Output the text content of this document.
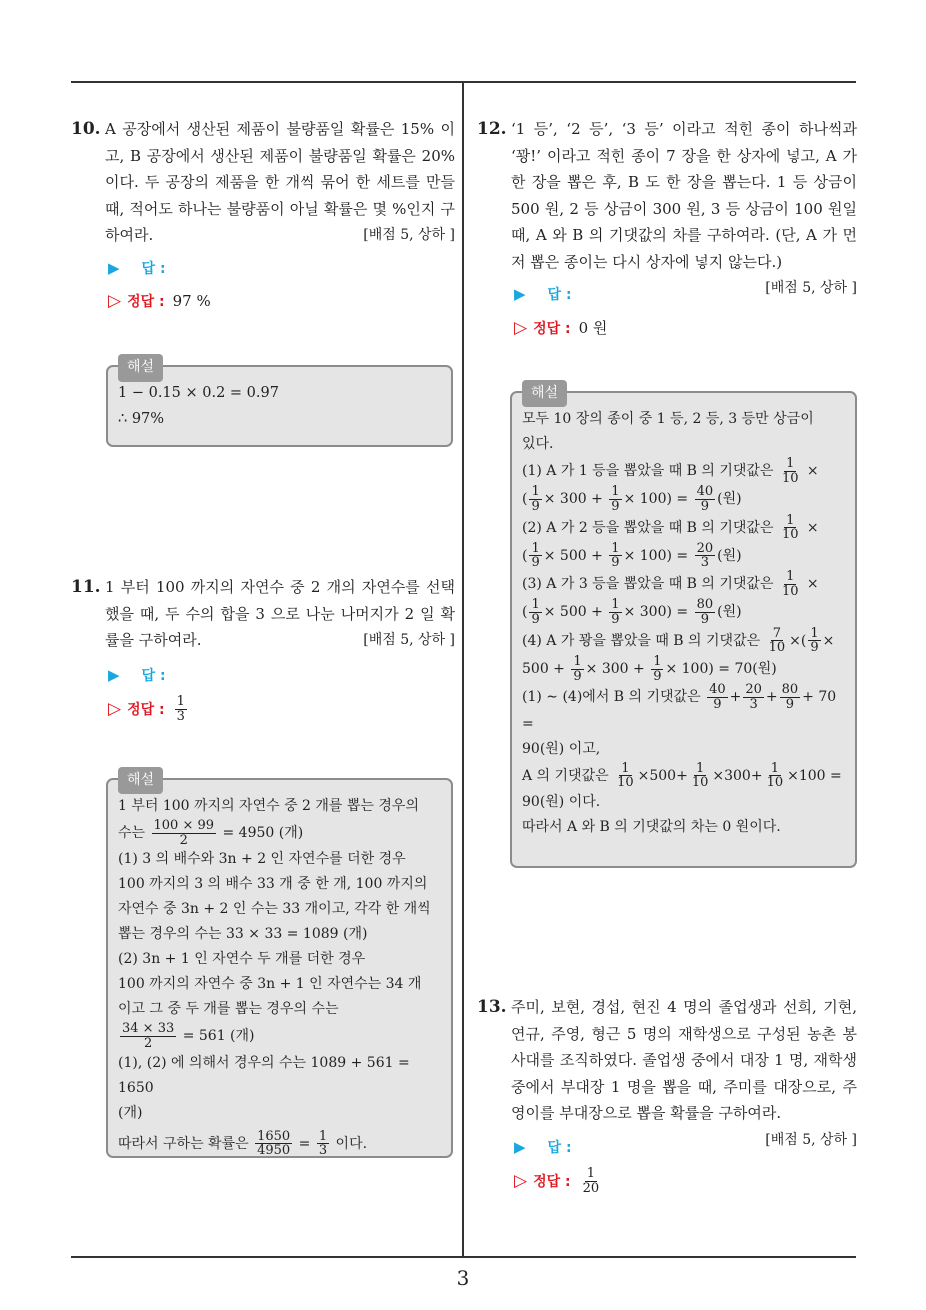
10. A 공장에서 생산된 제품이 불량품일 확률은 15% 이고, B 공장에서 생산된 제품이 불량품일 확률은 20% 이다. 두 공장의 제품을 한 개씩 묶어 한 세트를 만들 때, 적어도 하나는 불량품이 아닐 확률은 몇 %인지 구하여라.	[배점 5, 상하 ]
▶ 답 :
▷ 정답 : 97 %
해설
1 − 0.15 × 0.2 = 0.97
∴ 97%
11. 1 부터 100 까지의 자연수 중 2 개의 자연수를 선택했을 때, 두 수의 합을 3 으로 나눈 나머지가 2 일 확률을 구하여라.	[배점 5, 상하 ]
▶ 답 :
▷ 정답 : $\frac{1}{3}$
해설
1 부터 100 까지의 자연수 중 2 개를 뽑는 경우의
수는 $\frac{100 \times 99}{2} = 4950$ (개)
(1) 3 의 배수와 3n + 2 인 자연수를 더한 경우
100 까지의 3 의 배수 33 개 중 한 개, 100 까지의
자연수 중 3n + 2 인 수는 33 개이고, 각각 한 개씩
뽑는 경우의 수는 33 × 33 = 1089 (개)
(2) 3n + 1 인 자연수 두 개를 더한 경우
100 까지의 자연수 중 3n + 1 인 자연수는 34 개
이고 그 중 두 개를 뽑는 경우의 수는
$\frac{34 \times 33}{2} = 561$ (개)
(1), (2) 에 의해서 경우의 수는 1089 + 561 = 1650
(개)
따라서 구하는 확률은 $\frac{1650}{4950} = \frac{1}{3}$ 이다.
12. ‘1 등’, ‘2 등’, ‘3 등’ 이라고 적힌 종이 하나씩과 ‘꽝!’ 이라고 적힌 종이 7 장을 한 상자에 넣고, A 가 한 장을 뽑은 후, B 도 한 장을 뽑는다. 1 등 상금이 500 원, 2 등 상금이 300 원, 3 등 상금이 100 원일 때, A 와 B 의 기댓값의 차를 구하여라. (단, A 가 먼저 뽑은 종이는 다시 상자에 넣지 않는다.)
[배점 5, 상하 ]
▶ 답 :
▷ 정답 : 0 원
해설
모두 10 장의 종이 중 1 등, 2 등, 3 등만 상금이
있다.
(1) A 가 1 등을 뽑았을 때 B 의 기댓값은 $\frac{1}{10}$ ×
( $\frac{1}{9} \times 300 + \frac{1}{9} \times 100) = \frac{40}{9}$ (원)
(2) A 가 2 등을 뽑았을 때 B 의 기댓값은 $\frac{1}{10}$ ×
( $\frac{1}{9} \times 500 + \frac{1}{9} \times 100) = \frac{20}{3}$ (원)
(3) A 가 3 등을 뽑았을 때 B 의 기댓값은 $\frac{1}{10}$ ×
( $\frac{1}{9} \times 500 + \frac{1}{9} \times 300) = \frac{80}{9}$ (원)
(4) A 가 꽝을 뽑았을 때 B 의 기댓값은 $\frac{7}{10}$ ×( $\frac{1}{9}$ ×
$500 + \frac{1}{9} \times 300 + \frac{1}{9} \times 100) = 70$(원)
(1) ∼ (4)에서 B 의 기댓값은 $\frac{40}{9} + \frac{20}{3} + \frac{80}{9} + 70$ =
90(원) 이고,
A 의 기댓값은 $\frac{1}{10} \times 500+ \frac{1}{10} \times 300+ \frac{1}{10} \times 100$ =
90(원) 이다.
따라서 A 와 B 의 기댓값의 차는 0 원이다.
13. 주미, 보현, 경섭, 현진 4 명의 졸업생과 선희, 기현, 연규, 주영, 형근 5 명의 재학생으로 구성된 농촌 봉사대를 조직하였다. 졸업생 중에서 대장 1 명, 재학생 중에서 부대장 1 명을 뽑을 때, 주미를 대장으로, 주영이를 부대장으로 뽑을 확률을 구하여라.
[배점 5, 상하 ]
▶ 답 :
▷ 정답 : $\frac{1}{20}$
3
